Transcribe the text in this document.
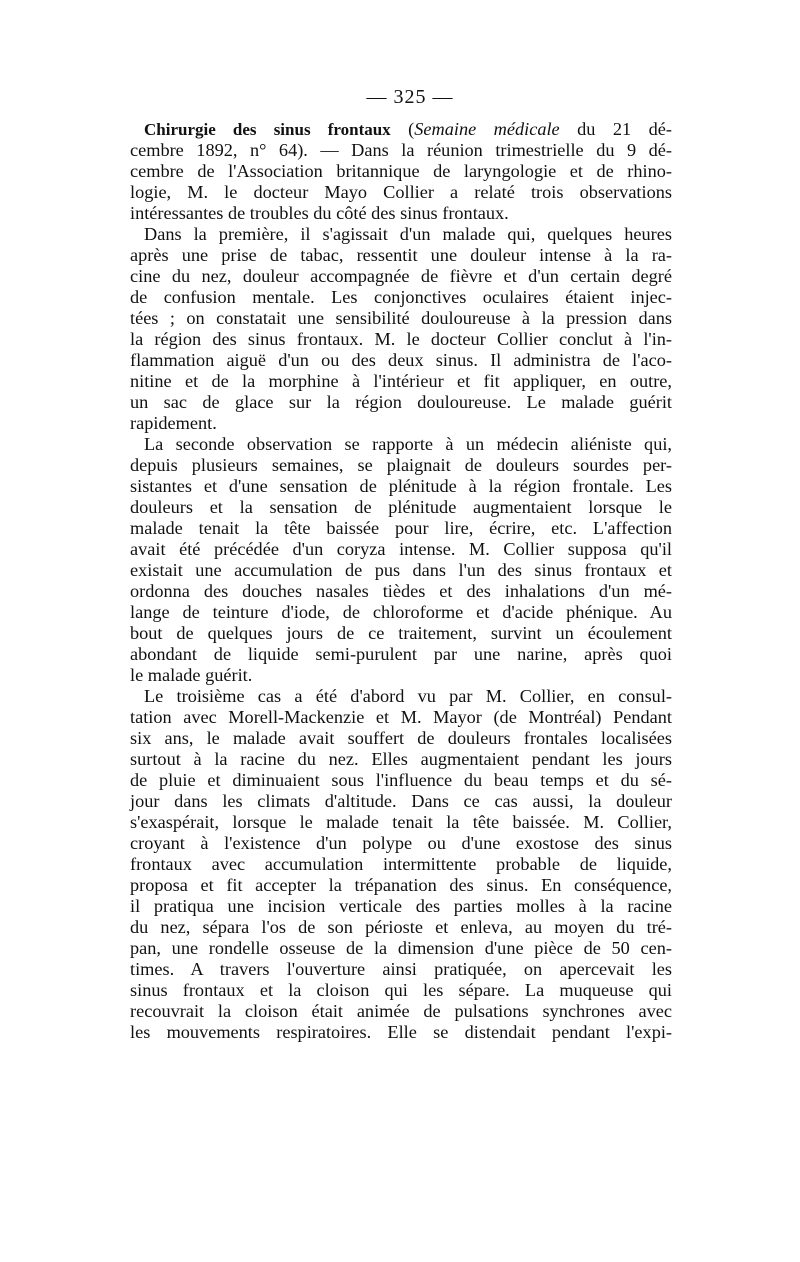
— 325 —

Chirurgie des sinus frontaux (Semaine médicale du 21 dé-
cembre 1892, n° 64). — Dans la réunion trimestrielle du 9 dé-
cembre de l'Association britannique de laryngologie et de rhino-
logie, M. le docteur Mayo Collier a relaté trois observations
intéressantes de troubles du côté des sinus frontaux.

Dans la première, il s'agissait d'un malade qui, quelques heures
après une prise de tabac, ressentit une douleur intense à la ra-
cine du nez, douleur accompagnée de fièvre et d'un certain degré
de confusion mentale. Les conjonctives oculaires étaient injec-
tées ; on constatait une sensibilité douloureuse à la pression dans
la région des sinus frontaux. M. le docteur Collier conclut à l'in-
flammation aiguë d'un ou des deux sinus. Il administra de l'aco-
nitine et de la morphine à l'intérieur et fit appliquer, en outre,
un sac de glace sur la région douloureuse. Le malade guérit
rapidement.

La seconde observation se rapporte à un médecin aliéniste qui,
depuis plusieurs semaines, se plaignait de douleurs sourdes per-
sistantes et d'une sensation de plénitude à la région frontale. Les
douleurs et la sensation de plénitude augmentaient lorsque le
malade tenait la tête baissée pour lire, écrire, etc. L'affection
avait été précédée d'un coryza intense. M. Collier supposa qu'il
existait une accumulation de pus dans l'un des sinus frontaux et
ordonna des douches nasales tièdes et des inhalations d'un mé-
lange de teinture d'iode, de chloroforme et d'acide phénique. Au
bout de quelques jours de ce traitement, survint un écoulement
abondant de liquide semi-purulent par une narine, après quoi
le malade guérit.

Le troisième cas a été d'abord vu par M. Collier, en consul-
tation avec Morell-Mackenzie et M. Mayor (de Montréal) Pendant
six ans, le malade avait souffert de douleurs frontales localisées
surtout à la racine du nez. Elles augmentaient pendant les jours
de pluie et diminuaient sous l'influence du beau temps et du sé-
jour dans les climats d'altitude. Dans ce cas aussi, la douleur
s'exaspérait, lorsque le malade tenait la tête baissée. M. Collier,
croyant à l'existence d'un polype ou d'une exostose des sinus
frontaux avec accumulation intermittente probable de liquide,
proposa et fit accepter la trépanation des sinus. En conséquence,
il pratiqua une incision verticale des parties molles à la racine
du nez, sépara l'os de son périoste et enleva, au moyen du tré-
pan, une rondelle osseuse de la dimension d'une pièce de 50 cen-
times. A travers l'ouverture ainsi pratiquée, on apercevait les
sinus frontaux et la cloison qui les sépare. La muqueuse qui
recouvrait la cloison était animée de pulsations synchrones avec
les mouvements respiratoires. Elle se distendait pendant l'expi-
